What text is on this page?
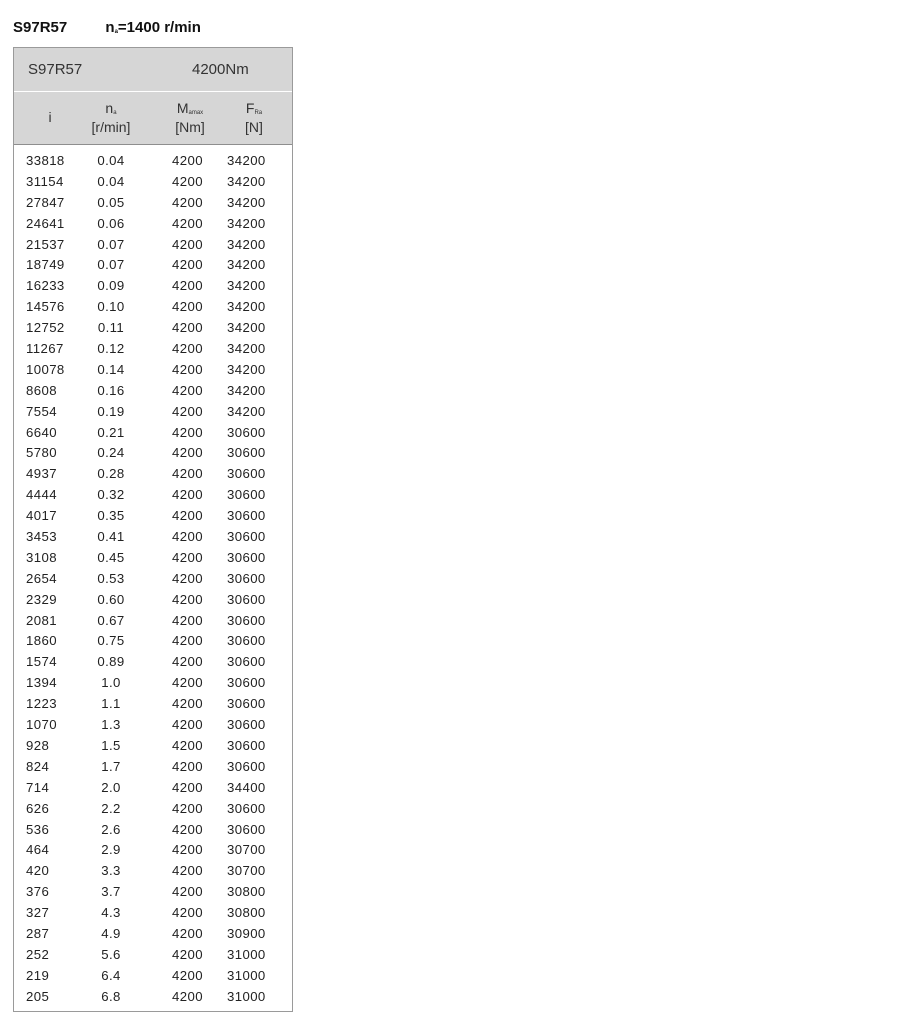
S97R57	$n_a=1400$ r/min
S97R57	4200Nm
i
$n_a$
[r/min]
$M_{amax}$
[Nm]
$F_{Ra}$
[N]
33818	0.04	4200 34200
31154	0.04	4200 34200
27847	0.05	4200 34200
24641	0.06	4200 34200
21537	0.07	4200 34200
18749	0.07	4200 34200
16233	0.09	4200 34200
14576	0.10	4200 34200
12752	0.11	4200 34200
11267	0.12	4200 34200
10078	0.14	4200 34200
8608	0.16	4200 34200
7554	0.19	4200 34200
6640	0.21	4200 30600
5780	0.24	4200 30600
4937	0.28	4200 30600
4444	0.32	4200 30600
4017	0.35	4200 30600
3453	0.41	4200 30600
3108	0.45	4200 30600
2654	0.53	4200 30600
2329	0.60	4200 30600
2081	0.67	4200 30600
1860	0.75	4200 30600
1574	0.89	4200 30600
1394	1.0	4200 30600
1223	1.1	4200 30600
1070	1.3	4200 30600
928	1.5	4200 30600
824	1.7	4200 30600
714	2.0	4200 34400
626	2.2	4200 30600
536	2.6	4200 30600
464	2.9	4200 30700
420	3.3	4200 30700
376	3.7	4200 30800
327	4.3	4200 30800
287	4.9	4200 30900
252	5.6	4200 31000
219	6.4	4200 31000
205	6.8	4200 31000
